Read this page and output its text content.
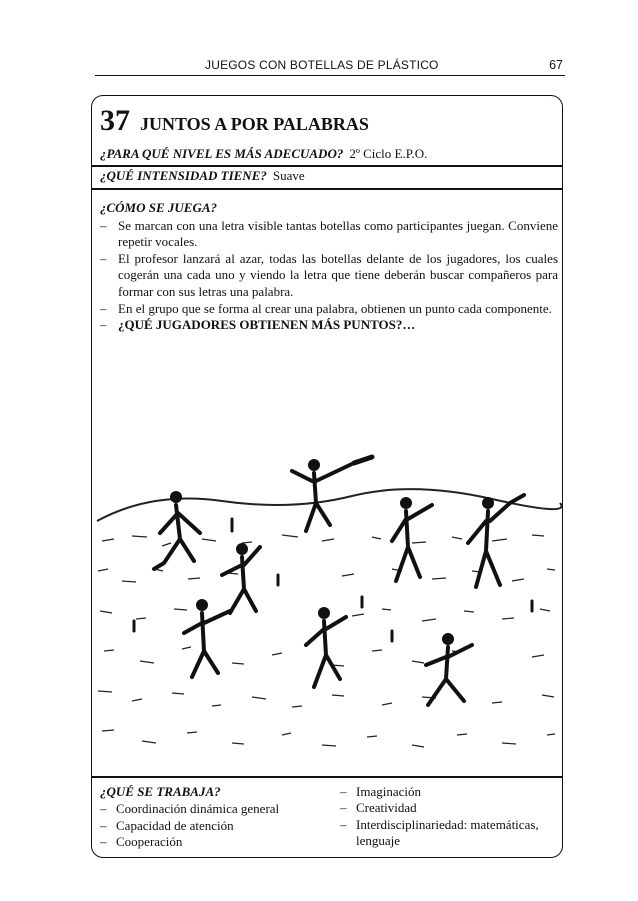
JUEGOS CON BOTELLAS DE PLÁSTICO	67
37 JUNTOS A POR PALABRAS
¿PARA QUÉ NIVEL ES MÁS ADECUADO? 2º Ciclo E.P.O.
¿QUÉ INTENSIDAD TIENE? Suave
¿CÓMO SE JUEGA?
– Se marcan con una letra visible tantas botellas como participantes juegan. Conviene repetir vocales.
– El profesor lanzará al azar, todas las botellas delante de los jugadores, los cuales cogerán una cada uno y viendo la letra que tiene deberán buscar compañeros para formar con sus letras una palabra.
– En el grupo que se forma al crear una palabra, obtienen un punto cada componente.
– ¿QUÉ JUGADORES OBTIENEN MÁS PUNTOS?…
¿QUÉ SE TRABAJA?
– Coordinación dinámica general
– Capacidad de atención
– Cooperación
– Imaginación
– Creatividad
– Interdisciplinariedad: matemáticas, lenguaje
